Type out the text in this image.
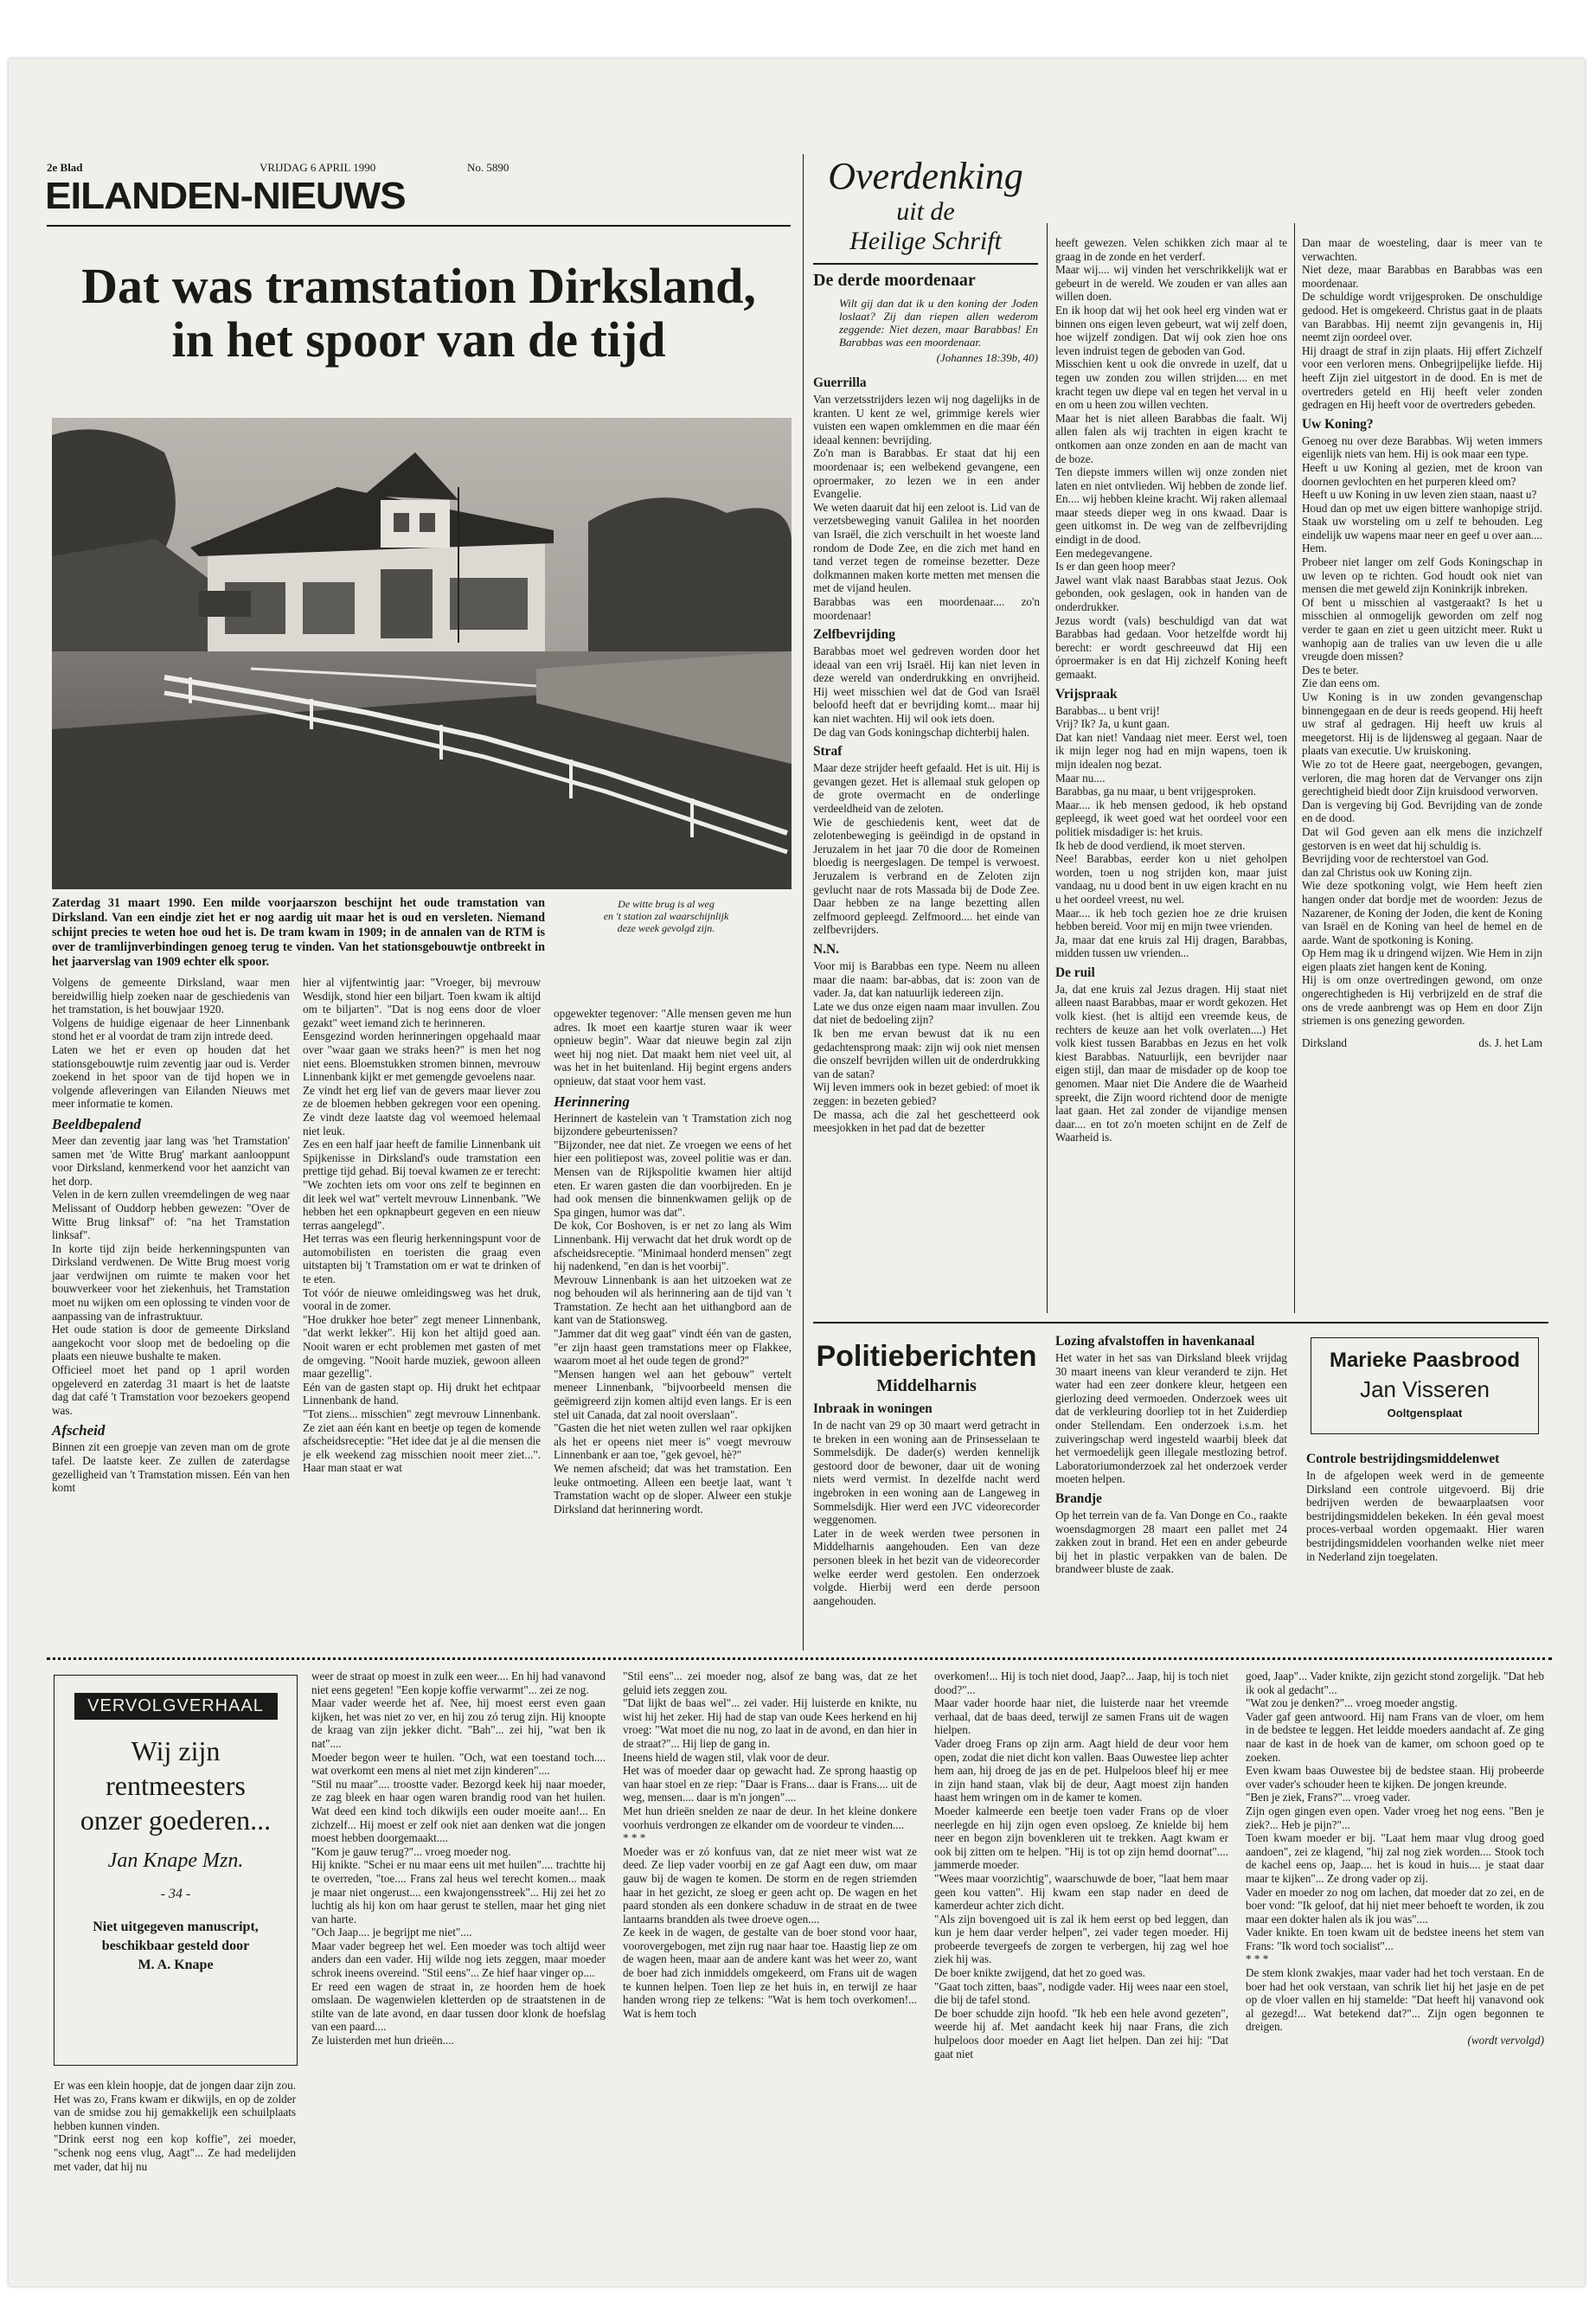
2e Blad	VRIJDAG 6 APRIL 1990	No. 5890
EILANDEN-NIEUWS
Dat was tramstation Dirksland,
in het spoor van de tijd
Zaterdag 31 maart 1990. Een milde voorjaarszon beschijnt het oude tramstation van Dirksland. Van een eindje ziet het er nog aardig uit maar het is oud en versleten. Niemand schijnt precies te weten hoe oud het is. De tram kwam in 1909; in de annalen van de RTM is over de tramlijnverbindingen genoeg terug te vinden. Van het stationsgebouwtje ontbreekt in het jaarverslag van 1909 echter elk spoor.
De witte brug is al weg
en 't station zal waarschijnlijk
deze week gevolgd zijn.

Volgens de gemeente Dirksland, waar men bereidwillig hielp zoeken naar de geschiedenis van het tramstation, is het bouwjaar 1920.
Volgens de huidige eigenaar de heer Linnenbank stond het er al voordat de tram zijn intrede deed.
Laten we het er even op houden dat het stationsgebouwtje ruim zeventig jaar oud is. Verder zoekend in het spoor van de tijd hopen we in volgende afleveringen van Eilanden Nieuws met meer informatie te komen.

Beeldbepalend

Meer dan zeventig jaar lang was 'het Tramstation' samen met 'de Witte Brug' markant aanlooppunt voor Dirksland, kenmerkend voor het aanzicht van het dorp.
Velen in de kern zullen vreemdelingen de weg naar Melissant of Ouddorp hebben gewezen: "Over de Witte Brug linksaf" of: "na het Tramstation linksaf".
In korte tijd zijn beide herkenningspunten van Dirksland verdwenen. De Witte Brug moest vorig jaar verdwijnen om ruimte te maken voor het bouwverkeer voor het ziekenhuis, het Tramstation moet nu wijken om een oplossing te vinden voor de aanpassing van de infrastruktuur.
Het oude station is door de gemeente Dirksland aangekocht voor sloop met de bedoeling op die plaats een nieuwe bushalte te maken.
Officieel moet het pand op 1 april worden opgeleverd en zaterdag 31 maart is het de laatste dag dat café 't Tramstation voor bezoekers geopend was.

Afscheid

Binnen zit een groepje van zeven man om de grote tafel. De laatste keer. Ze zullen de zaterdagse gezelligheid van 't Tramstation missen. Eén van hen komt

hier al vijfentwintig jaar: "Vroeger, bij mevrouw Wesdijk, stond hier een biljart. Toen kwam ik altijd om te biljarten". "Dat is nog eens door de vloer gezakt" weet iemand zich te herinneren.
Eensgezind worden herinneringen opgehaald maar over "waar gaan we straks heen?" is men het nog niet eens. Bloemstukken stromen binnen, mevrouw Linnenbank kijkt er met gemengde gevoelens naar.
Ze vindt het erg lief van de gevers maar liever zou ze de bloemen hebben gekregen voor een opening. Ze vindt deze laatste dag vol weemoed helemaal niet leuk.
Zes en een half jaar heeft de familie Linnenbank uit Spijkenisse in Dirksland's oude tramstation een prettige tijd gehad. Bij toeval kwamen ze er terecht: "We zochten iets om voor ons zelf te beginnen en dit leek wel wat" vertelt mevrouw Linnenbank. "We hebben het een opknapbeurt gegeven en een nieuw terras aangelegd".
Het terras was een fleurig herkenningspunt voor de automobilisten en toeristen die graag even uitstapten bij 't Tramstation om er wat te drinken of te eten.
Tot vóór de nieuwe omleidingsweg was het druk, vooral in de zomer.
"Hoe drukker hoe beter" zegt meneer Linnenbank, "dat werkt lekker". Hij kon het altijd goed aan. Nooit waren er echt problemen met gasten of met de omgeving. "Nooit harde muziek, gewoon alleen maar gezellig".
Eén van de gasten stapt op. Hij drukt het echtpaar Linnenbank de hand.
"Tot ziens... misschien" zegt mevrouw Linnenbank. Ze ziet aan één kant en beetje op tegen de komende afscheidsreceptie: "Het idee dat je al die mensen die je elk weekend zag misschien nooit meer ziet...". Haar man staat er wat

opgewekter tegenover: "Alle mensen geven me hun adres. Ik moet een kaartje sturen waar ik weer opnieuw begin". Waar dat nieuwe begin zal zijn weet hij nog niet. Dat maakt hem niet veel uit, al was het in het buitenland. Hij begint ergens anders opnieuw, dat staat voor hem vast.

Herinnering

Herinnert de kastelein van 't Tramstation zich nog bijzondere gebeurtenissen?
"Bijzonder, nee dat niet. Ze vroegen we eens of het hier een politiepost was, zoveel politie was er dan. Mensen van de Rijkspolitie kwamen hier altijd eten. Er waren gasten die dan voorbijreden. En je had ook mensen die binnenkwamen gelijk op de Spa gingen, humor was dat".
De kok, Cor Boshoven, is er net zo lang als Wim Linnenbank. Hij verwacht dat het druk wordt op de afscheidsreceptie. "Minimaal honderd mensen" zegt hij nadenkend, "en dan is het voorbij".
Mevrouw Linnenbank is aan het uitzoeken wat ze nog behouden wil als herinnering aan de tijd van 't Tramstation. Ze hecht aan het uithangbord aan de kant van de Stationsweg.
"Jammer dat dit weg gaat" vindt één van de gasten, "er zijn haast geen tramstations meer op Flakkee, waarom moet al het oude tegen de grond?"
"Mensen hangen wel aan het gebouw" vertelt meneer Linnenbank, "bijvoorbeeld mensen die geëmigreerd zijn komen altijd even langs. Er is een stel uit Canada, dat zal nooit overslaan".
"Gasten die het niet weten zullen wel raar opkijken als het er opeens niet meer is" voegt mevrouw Linnenbank er aan toe, "gek gevoel, hè?"
We nemen afscheid; dat was het tramstation. Een leuke ontmoeting. Alleen een beetje laat, want 't Tramstation wacht op de sloper. Alweer een stukje Dirksland dat herinnering wordt.

Overdenking
uit de
Heilige Schrift
De derde moordenaar
Wilt gij dan dat ik u den koning der Joden loslaat? Zij dan riepen allen wederom zeggende: Niet dezen, maar Barabbas! En Barabbas was een moordenaar.
(Johannes 18:39b, 40)
Guerrilla

Van verzetsstrijders lezen wij nog dagelijks in de kranten. U kent ze wel, grimmige kerels wier vuisten een wapen omklemmen en die maar één ideaal kennen: bevrijding.
Zo'n man is Barabbas. Er staat dat hij een moordenaar is; een welbekend gevangene, een oproermaker, zo lezen we in een ander Evangelie.
We weten daaruit dat hij een zeloot is. Lid van de verzetsbeweging vanuit Galilea in het noorden van Israël, die zich verschuilt in het woeste land rondom de Dode Zee, en die zich met hand en tand verzet tegen de romeinse bezetter. Deze dolkmannen maken korte metten met mensen die met de vijand heulen.
Barabbas was een moordenaar.... zo'n moordenaar!

Zelfbevrijding

Barabbas moet wel gedreven worden door het ideaal van een vrij Israël. Hij kan niet leven in deze wereld van onderdrukking en onvrijheid. Hij weet misschien wel dat de God van Israël beloofd heeft dat er bevrijding komt... maar hij kan niet wachten. Hij wil ook iets doen.
De dag van Gods koningschap dichterbij halen.

Straf

Maar deze strijder heeft gefaald. Het is uit. Hij is gevangen gezet. Het is allemaal stuk gelopen op de grote overmacht en de onderlinge verdeeldheid van de zeloten.
Wie de geschiedenis kent, weet dat de zelotenbeweging is geëindigd in de opstand in Jeruzalem in het jaar 70 die door de Romeinen bloedig is neergeslagen. De tempel is verwoest. Jeruzalem is verbrand en de Zeloten zijn gevlucht naar de rots Massada bij de Dode Zee. Daar hebben ze na lange bezetting allen zelfmoord gepleegd. Zelfmoord.... het einde van zelfbevrijders.

N.N.

Voor mij is Barabbas een type. Neem nu alleen maar die naam: bar-abbas, dat is: zoon van de vader. Ja, dat kan natuurlijk iedereen zijn.
Late we dus onze eigen naam maar invullen. Zou dat niet de bedoeling zijn?
Ik ben me ervan bewust dat ik nu een gedachtensprong maak: zijn wij ook niet mensen die onszelf bevrijden willen uit de onderdrukking van de satan?
Wij leven immers ook in bezet gebied: of moet ik zeggen: in bezeten gebied?
De massa, ach die zal het geschetteerd ook meesjokken in het pad dat de bezetter

heeft gewezen. Velen schikken zich maar al te graag in de zonde en het verderf.
Maar wij.... wij vinden het verschrikkelijk wat er gebeurt in de wereld. We zouden er van alles aan willen doen.
En ik hoop dat wij het ook heel erg vinden wat er binnen ons eigen leven gebeurt, wat wij zelf doen, hoe wijzelf zondigen. Dat wij ook zien hoe ons leven indruist tegen de geboden van God.
Misschien kent u ook die onvrede in uzelf, dat u tegen uw zonden zou willen strijden.... en met kracht tegen uw diepe val en tegen het verval in u en om u heen zou willen vechten.
Maar het is niet alleen Barabbas die faalt. Wij allen falen als wij trachten in eigen kracht te ontkomen aan onze zonden en aan de macht van de boze.
Ten diepste immers willen wij onze zonden niet laten en niet ontvlieden. Wij hebben de zonde lief. En.... wij hebben kleine kracht. Wij raken allemaal maar steeds dieper weg in ons kwaad. Daar is geen uitkomst in. De weg van de zelfbevrijding eindigt in de dood.
Een medegevangene.
Is er dan geen hoop meer?
Jawel want vlak naast Barabbas staat Jezus. Ook gebonden, ook geslagen, ook in handen van de onderdrukker.
Jezus wordt (vals) beschuldigd van dat wat Barabbas had gedaan. Voor hetzelfde wordt hij berecht: er wordt geschreeuwd dat Hij een óproermaker is en dat Hij zichzelf Koning heeft gemaakt.

Vrijspraak

Barabbas... u bent vrij!
Vrij? Ik? Ja, u kunt gaan.
Dat kan niet! Vandaag niet meer. Eerst wel, toen ik mijn leger nog had en mijn wapens, toen ik mijn idealen nog bezat.
Maar nu....
Barabbas, ga nu maar, u bent vrijgesproken.
Maar.... ik heb mensen gedood, ik heb opstand gepleegd, ik weet goed wat het oordeel voor een politiek misdadiger is: het kruis.
Ik heb de dood verdiend, ik moet sterven.
Nee! Barabbas, eerder kon u niet geholpen worden, toen u nog strijden kon, maar juist vandaag, nu u dood bent in uw eigen kracht en nu u het oordeel vreest, nu wel.
Maar.... ik heb toch gezien hoe ze drie kruisen hebben bereid. Voor mij en mijn twee vrienden.
Ja, maar dat ene kruis zal Hij dragen, Barabbas, midden tussen uw vrienden...

De ruil

Ja, dat ene kruis zal Jezus dragen. Hij staat niet alleen naast Barabbas, maar er wordt gekozen. Het volk kiest. (het is altijd een vreemde keus, de rechters de keuze aan het volk overlaten....) Het volk kiest tussen Barabbas en Jezus en het volk kiest Barabbas. Natuurlijk, een bevrijder naar eigen stijl, dan maar de misdader op de koop toe genomen. Maar niet Die Andere die de Waarheid spreekt, die Zijn woord richtend door de menigte laat gaan. Het zal zonder de vijandige mensen daar.... en tot zo'n moeten schijnt en de Zelf de Waarheid is.

Dan maar de woesteling, daar is meer van te verwachten.
Niet deze, maar Barabbas en Barabbas was een moordenaar.
De schuldige wordt vrijgesproken. De onschuldige gedood. Het is omgekeerd. Christus gaat in de plaats van Barabbas. Hij neemt zijn gevangenis in, Hij neemt zijn oordeel over.
Hij draagt de straf in zijn plaats. Hij øffert Zichzelf voor een verloren mens. Onbegrijpelijke liefde. Hij heeft Zijn ziel uitgestort in de dood. En is met de overtreders geteld en Hij heeft veler zonden gedragen en Hij heeft voor de overtreders gebeden.

Uw Koning?

Genoeg nu over deze Barabbas. Wij weten immers eigenlijk niets van hem. Hij is ook maar een type.
Heeft u uw Koning al gezien, met de kroon van doornen gevlochten en het purperen kleed om?
Heeft u uw Koning in uw leven zien staan, naast u?
Houd dan op met uw eigen bittere wanhopige strijd. Staak uw worsteling om u zelf te behouden. Leg eindelijk uw wapens maar neer en geef u over aan.... Hem.
Probeer niet langer om zelf Gods Koningschap in uw leven op te richten. God houdt ook niet van mensen die met geweld zijn Koninkrijk inbreken.
Of bent u misschien al vastgeraakt? Is het u misschien al onmogelijk geworden om zelf nog verder te gaan en ziet u geen uitzicht meer. Rukt u wanhopig aan de tralies van uw leven die u alle vreugde doen missen?
Des te beter.
Zie dan eens om.
Uw Koning is in uw zonden gevangenschap binnengegaan en de deur is reeds geopend. Hij heeft uw straf al gedragen. Hij heeft uw kruis al meegetorst. Hij is de lijdensweg al gegaan. Naar de plaats van executie. Uw kruiskoning.
Wie zo tot de Heere gaat, neergebogen, gevangen, verloren, die mag horen dat de Vervanger ons zijn gerechtigheid biedt door Zijn kruisdood verworven.
Dan is vergeving bij God. Bevrijding van de zonde en de dood.
Dat wil God geven aan elk mens die inzichzelf gestorven is en weet dat hij schuldig is.
Bevrijding voor de rechterstoel van God.
dan zal Christus ook uw Koning zijn.
Wie deze spotkoning volgt, wie Hem heeft zien hangen onder dat bordje met de woorden: Jezus de Nazarener, de Koning der Joden, die kent de Koning van Israël en de Koning van heel de hemel en de aarde. Want de spotkoning is Koning.
Op Hem mag ik u dringend wijzen. Wie Hem in zijn eigen plaats ziet hangen kent de Koning.
Hij is om onze overtredingen gewond, om onze ongerechtigheden is Hij verbrijzeld en de straf die ons de vrede aanbrengt was op Hem en door Zijn striemen is ons genezing geworden.

Dirksland	ds. J. het Lam
Politieberichten
Middelharnis
Inbraak in woningen

In de nacht van 29 op 30 maart werd getracht in te breken in een woning aan de Prinsesselaan te Sommelsdijk. De dader(s) werden kennelijk gestoord door de bewoner, daar uit de woning niets werd vermist. In dezelfde nacht werd ingebroken in een woning aan de Langeweg in Sommelsdijk. Hier werd een JVC videorecorder weggenomen.
Later in de week werden twee personen in Middelharnis aangehouden. Een van deze personen bleek in het bezit van de videorecorder welke eerder werd gestolen. Een onderzoek volgde. Hierbij werd een derde persoon aangehouden.

Lozing afvalstoffen in havenkanaal

Het water in het sas van Dirksland bleek vrijdag 30 maart ineens van kleur veranderd te zijn. Het water had een zeer donkere kleur, hetgeen een gierlozing deed vermoeden. Onderzoek wees uit dat de verkleuring doorliep tot in het Zuiderdiep onder Stellendam. Een onderzoek i.s.m. het zuiveringschap werd ingesteld waarbij bleek dat het vermoedelijk geen illegale mestlozing betrof. Laboratoriumonderzoek zal het onderzoek verder moeten helpen.

Brandje

Op het terrein van de fa. Van Donge en Co., raakte woensdagmorgen 28 maart een pallet met 24 zakken zout in brand. Het een en ander gebeurde bij het in plastic verpakken van de balen. De brandweer bluste de zaak.

Marieke Paasbrood
Jan Visseren
Ooltgensplaat
Controle bestrijdingsmiddelenwet

In de afgelopen week werd in de gemeente Dirksland een controle uitgevoerd. Bij drie bedrijven werden de bewaarplaatsen voor bestrijdingsmiddelen bekeken. In één geval moest proces-verbaal worden opgemaakt. Hier waren bestrijdingsmiddelen voorhanden welke niet meer in Nederland zijn toegelaten.

VERVOLGVERHAAL
Wij zijn
rentmeesters
onzer goederen...
Jan Knape Mzn.
- 34 -
Niet uitgegeven manuscript,
beschikbaar gesteld door
M. A. Knape

Er was een klein hoopje, dat de jongen daar zijn zou. Het was zo, Frans kwam er dikwijls, en op de zolder van de smidse zou hij gemakkelijk een schuilplaats hebben kunnen vinden.
"Drink eerst nog een kop koffie", zei moeder, "schenk nog eens vlug, Aagt"... Ze had medelijden met vader, dat hij nu

weer de straat op moest in zulk een weer.... En hij had vanavond niet eens gegeten! "Een kopje koffie verwarmt"... zei ze nog.
Maar vader weerde het af. Nee, hij moest eerst even gaan kijken, het was niet zo ver, en hij zou zó terug zijn. Hij knoopte de kraag van zijn jekker dicht. "Bah"... zei hij, "wat ben ik nat"....
Moeder begon weer te huilen. "Och, wat een toestand toch.... wat overkomt een mens al niet met zijn kinderen"....
"Stil nu maar".... troostte vader. Bezorgd keek hij naar moeder, ze zag bleek en haar ogen waren brandig rood van het huilen. Wat deed een kind toch dikwijls een ouder moeite aan!... En zichzelf... Hij moest er zelf ook niet aan denken wat die jongen moest hebben doorgemaakt....
"Kom je gauw terug?"... vroeg moeder nog.
Hij knikte. "Schei er nu maar eens uit met huilen".... trachtte hij te overreden, "toe.... Frans zal heus wel terecht komen... maak je maar niet ongerust.... een kwajongensstreek"... Hij zei het zo luchtig als hij kon om haar gerust te stellen, maar het ging niet van harte.
"Och Jaap.... je begrijpt me niet"....
Maar vader begreep het wel. Een moeder was toch altijd weer anders dan een vader. Hij wilde nog iets zeggen, maar moeder schrok ineens overeind. "Stil eens"... Ze hief haar vinger op....
Er reed een wagen de straat in, ze hoorden hem de hoek omslaan. De wagenwielen kletterden op de straatstenen in de stilte van de late avond, en daar tussen door klonk de hoefslag van een paard....
Ze luisterden met hun drieën....

"Stil eens"... zei moeder nog, alsof ze bang was, dat ze het geluid iets zeggen zou.
"Dat lijkt de baas wel"... zei vader. Hij luisterde en knikte, nu wist hij het zeker. Hij had de stap van oude Kees herkend en hij vroeg: "Wat moet die nu nog, zo laat in de avond, en dan hier in de straat?"... Hij liep de gang in.
Ineens hield de wagen stil, vlak voor de deur.
Het was of moeder daar op gewacht had. Ze sprong haastig op van haar stoel en ze riep: "Daar is Frans... daar is Frans.... uit de weg, mensen.... daar is m'n jongen"....
Met hun drieën snelden ze naar de deur. In het kleine donkere voorhuis verdrongen ze elkander om de voordeur te vinden....
* * *
Moeder was er zó konfuus van, dat ze niet meer wist wat ze deed. Ze liep vader voorbij en ze gaf Aagt een duw, om maar gauw bij de wagen te komen. De storm en de regen striemden haar in het gezicht, ze sloeg er geen acht op. De wagen en het paard stonden als een donkere schaduw in de straat en de twee lantaarns brandden als twee droeve ogen....
Ze keek in de wagen, de gestalte van de boer stond voor haar, voorovergebogen, met zijn rug naar haar toe. Haastig liep ze om de wagen heen, maar aan de andere kant was het weer zo, want de boer had zich inmiddels omgekeerd, om Frans uit de wagen te kunnen helpen. Toen liep ze het huis in, en terwijl ze haar handen wrong riep ze telkens: "Wat is hem toch overkomen!... Wat is hem toch

overkomen!... Hij is toch niet dood, Jaap?... Jaap, hij is toch niet dood?"...
Maar vader hoorde haar niet, die luisterde naar het vreemde verhaal, dat de baas deed, terwijl ze samen Frans uit de wagen hielpen.
Vader droeg Frans op zijn arm. Aagt hield de deur voor hem open, zodat die niet dicht kon vallen. Baas Ouwestee liep achter hem aan, hij droeg de jas en de pet. Hulpeloos bleef hij er mee in zijn hand staan, vlak bij de deur, Aagt moest zijn handen haast hem wringen om in de kamer te komen.
Moeder kalmeerde een beetje toen vader Frans op de vloer neerlegde en hij zijn ogen even opsloeg. Ze knielde bij hem neer en begon zijn bovenkleren uit te trekken. Aagt kwam er ook bij zitten om te helpen. "Hij is tot op zijn hemd doornat".... jammerde moeder.
"Wees maar voorzichtig", waarschuwde de boer, "laat hem maar geen kou vatten". Hij kwam een stap nader en deed de kamerdeur achter zich dicht.
"Als zijn bovengoed uit is zal ik hem eerst op bed leggen, dan kun je hem daar verder helpen", zei vader tegen moeder. Hij probeerde tevergeefs de zorgen te verbergen, hij zag wel hoe ziek hij was.
De boer knikte zwijgend, dat het zo goed was.
"Gaat toch zitten, baas", nodigde vader. Hij wees naar een stoel, die bij de tafel stond.
De boer schudde zijn hoofd. "Ik heb een hele avond gezeten", weerde hij af. Met aandacht keek hij naar Frans, die zich hulpeloos door moeder en Aagt liet helpen. Dan zei hij: "Dat gaat niet

goed, Jaap"... Vader knikte, zijn gezicht stond zorgelijk. "Dat heb ik ook al gedacht"...
"Wat zou je denken?"... vroeg moeder angstig.
Vader gaf geen antwoord. Hij nam Frans van de vloer, om hem in de bedstee te leggen. Het leidde moeders aandacht af. Ze ging naar de kast in de hoek van de kamer, om schoon goed op te zoeken.
Even kwam baas Ouwestee bij de bedstee staan. Hij probeerde over vader's schouder heen te kijken. De jongen kreunde.
"Ben je ziek, Frans?"... vroeg vader.
Zijn ogen gingen even open. Vader vroeg het nog eens. "Ben je ziek?... Heb je pijn?"...
Toen kwam moeder er bij. "Laat hem maar vlug droog goed aandoen", zei ze klagend, "hij zal nog ziek worden.... Stook toch de kachel eens op, Jaap.... het is koud in huis.... je staat daar maar te kijken"... Ze drong vader op zij.
Vader en moeder zo nog om lachen, dat moeder dat zo zei, en de boer vond: "Ik geloof, dat hij niet meer behoeft te worden, ik zou maar een dokter halen als ik jou was"....
Vader knikte. En toen kwam uit de bedstee ineens het stem van Frans: "Ik word toch socialist"...
* * *
De stem klonk zwakjes, maar vader had het toch verstaan. En de boer had het ook verstaan, van schrik liet hij het jasje en de pet op de vloer vallen en hij stamelde: "Dat heeft hij vanavond ook al gezegd!... Wat betekend dat?"... Zijn ogen begonnen te dreigen.

(wordt vervolgd)
